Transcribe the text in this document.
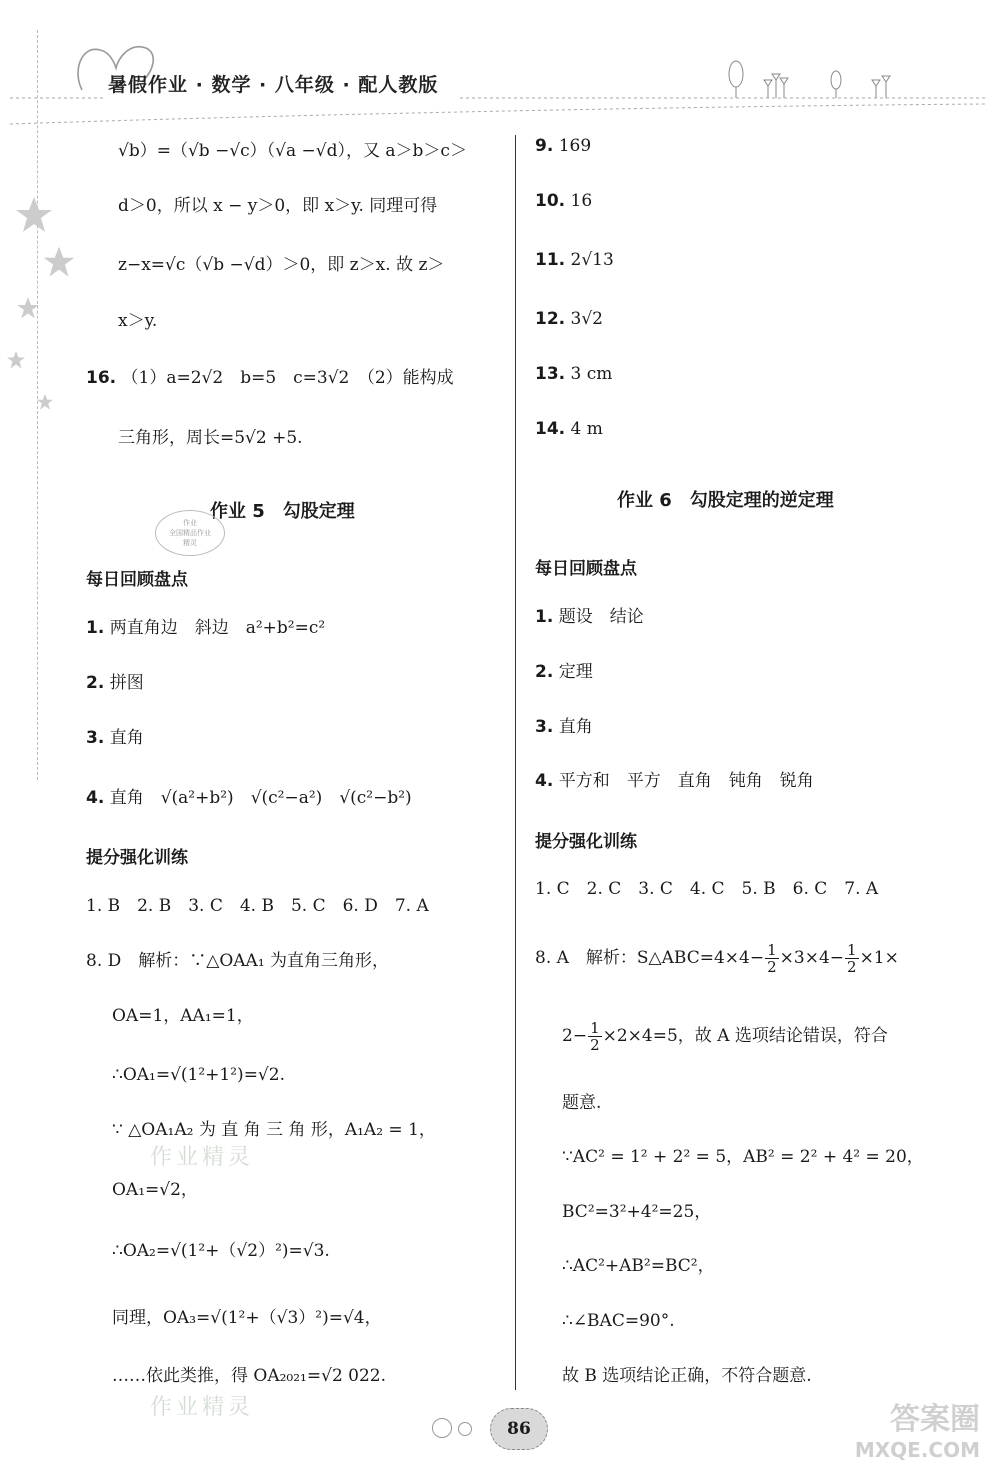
暑假作业 · 数学 · 八年级 · 配人教版
√b）=（√b −√c）（√a −√d），又 a＞b＞c＞
d＞0，所以 x − y＞0，即 x＞y. 同理可得
z−x=√c（√b −√d）＞0，即 z＞x. 故 z＞
x＞y.
16. （1）a=2√2　b=5　c=3√2　（2）能构成
三角形，周长=5√2 +5.
作业 5　勾股定理
作业
全国精品作业
精灵
每日回顾盘点
1. 两直角边　斜边　a²+b²=c²
2. 拼图
3. 直角
4. 直角　√(a²+b²)　√(c²−a²)　√(c²−b²)
提分强化训练
1. B　2. B　3. C　4. B　5. C　6. D　7. A
8. D　解析：∵△OAA₁ 为直角三角形，
OA=1，AA₁=1，
∴OA₁=√(1²+1²)=√2.
∵ △OA₁A₂ 为 直 角 三 角 形，A₁A₂ = 1，
OA₁=√2，
∴OA₂=√(1²+（√2）²)=√3.
同理，OA₃=√(1²+（√3）²)=√4，
……依此类推，得 OA₂₀₂₁=√2 022.
作业精灵
作业精灵
9. 169
10. 16
11. 2√13
12. 3√2
13. 3 cm
14. 4 m
作业 6　勾股定理的逆定理
每日回顾盘点
1. 题设　结论
2. 定理
3. 直角
4. 平方和　平方　直角　钝角　锐角
提分强化训练
1. C　2. C　3. C　4. C　5. B　6. C　7. A
8. A　解析：S△ABC=4×4− $\frac{1}{2} \times 3\times 4- \frac{1}{2} \times 1\times$
$2- \frac{1}{2} \times 2\times 4=5$，故 A 选项结论错误，符合
题意.
∵AC² = 1² + 2² = 5，AB² = 2² + 4² = 20，
BC²=3²+4²=25，
∴AC²+AB²=BC²，
∴∠BAC=90°.
故 B 选项结论正确，不符合题意.
86	答案圈
MXQE.COM
